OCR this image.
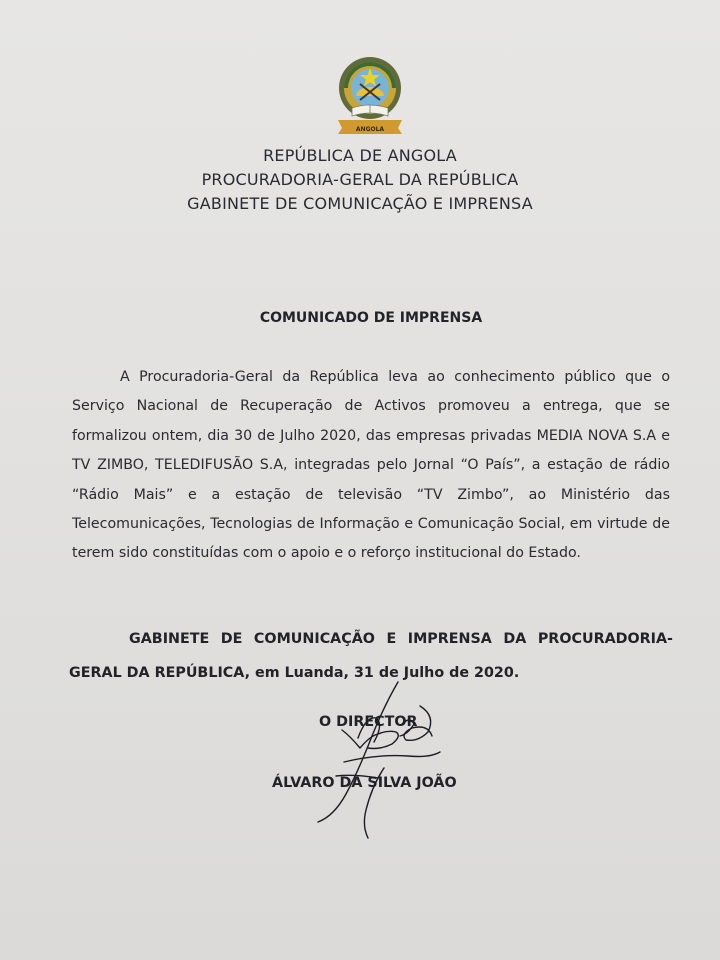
ANGOLA
REPÚBLICA DE ANGOLA
PROCURADORIA-GERAL DA REPÚBLICA
GABINETE DE COMUNICAÇÃO E IMPRENSA
COMUNICADO DE IMPRENSA
A Procuradoria-Geral da República leva ao conhecimento público que o Serviço Nacional de Recuperação de Activos promoveu a entrega, que se formalizou ontem, dia 30 de Julho 2020, das empresas privadas MEDIA NOVA S.A e TV ZIMBO, TELEDIFUSÃO S.A, integradas pelo Jornal “O País”, a estação de rádio “Rádio Mais” e a estação de televisão “TV Zimbo”, ao Ministério das Telecomunicações, Tecnologias de Informação e Comunicação Social, em virtude de terem sido constituídas com o apoio e o reforço institucional do Estado.
GABINETE DE COMUNICAÇÃO E IMPRENSA DA PROCURADORIA-GERAL DA REPÚBLICA, em Luanda, 31 de Julho de 2020.
O DIRECTOR
ÁLVARO DA SILVA JOÃO
